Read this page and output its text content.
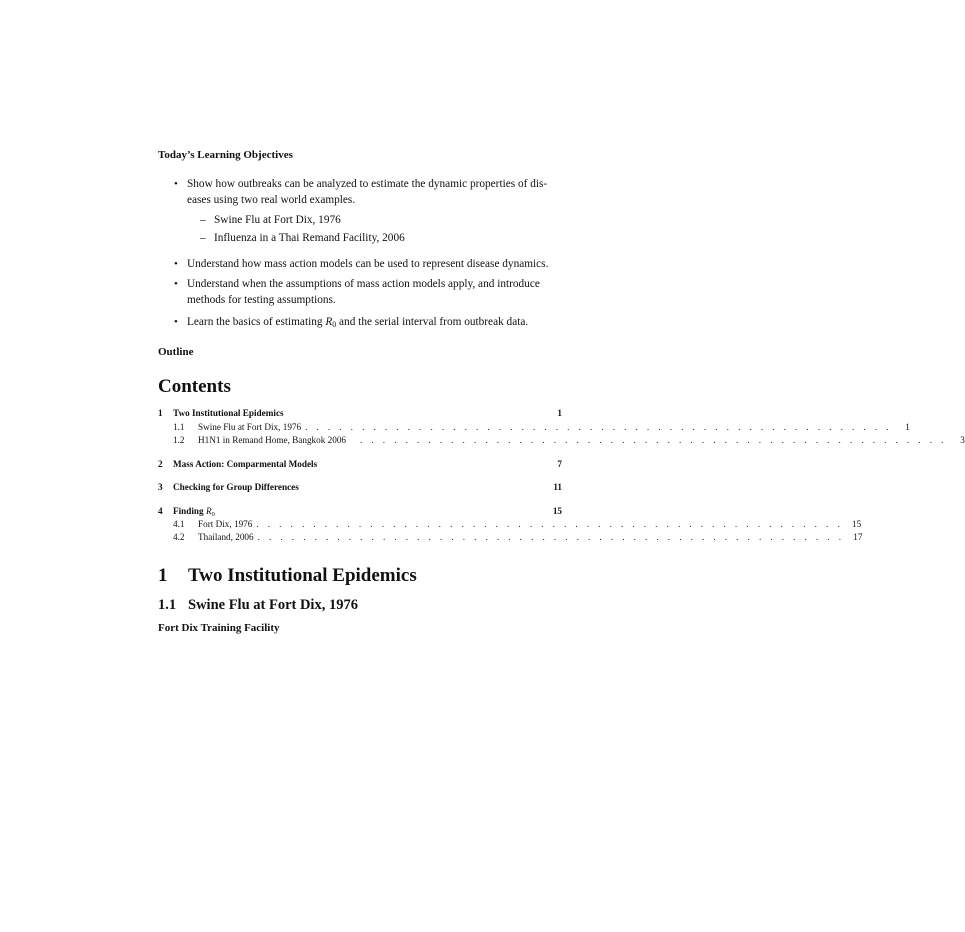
Today’s Learning Objectives
• Show how outbreaks can be analyzed to estimate the dynamic properties of dis-
eases using two real world examples.
– Swine Flu at Fort Dix, 1976
– Influenza in a Thai Remand Facility, 2006
• Understand how mass action models can be used to represent disease dynamics.
• Understand when the assumptions of mass action models apply, and introduce
methods for testing assumptions.
• Learn the basics of estimating $R_0$ and the serial interval from outbreak data.
Outline
Contents
1	Two Institutional Epidemics	1
1.1	Swine Flu at Fort Dix, 1976 . . . . . . . . . . . . . . . . . . . . . . . . . . . . . . . . . . . . . . . . . . . . . . . . . . . .	1
1.2	H1N1 in Remand Home, Bangkok 2006 . . . . . . . . . . . . . . . . . . . . . . . . . . . . . . . . . . . . . . . . . . . . . . . . . . . .	3
2	Mass Action: Comparmental Models	7
3	Checking for Group Differences	11
4	Finding $R_0$	15
4.1	Fort Dix, 1976 . . . . . . . . . . . . . . . . . . . . . . . . . . . . . . . . . . . . . . . . . . . . . . . . . . . . 15
4.2	Thailand, 2006 . . . . . . . . . . . . . . . . . . . . . . . . . . . . . . . . . . . . . . . . . . . . . . . . . . . . 17
1 Two Institutional Epidemics
1.1 Swine Flu at Fort Dix, 1976
Fort Dix Training Facility
